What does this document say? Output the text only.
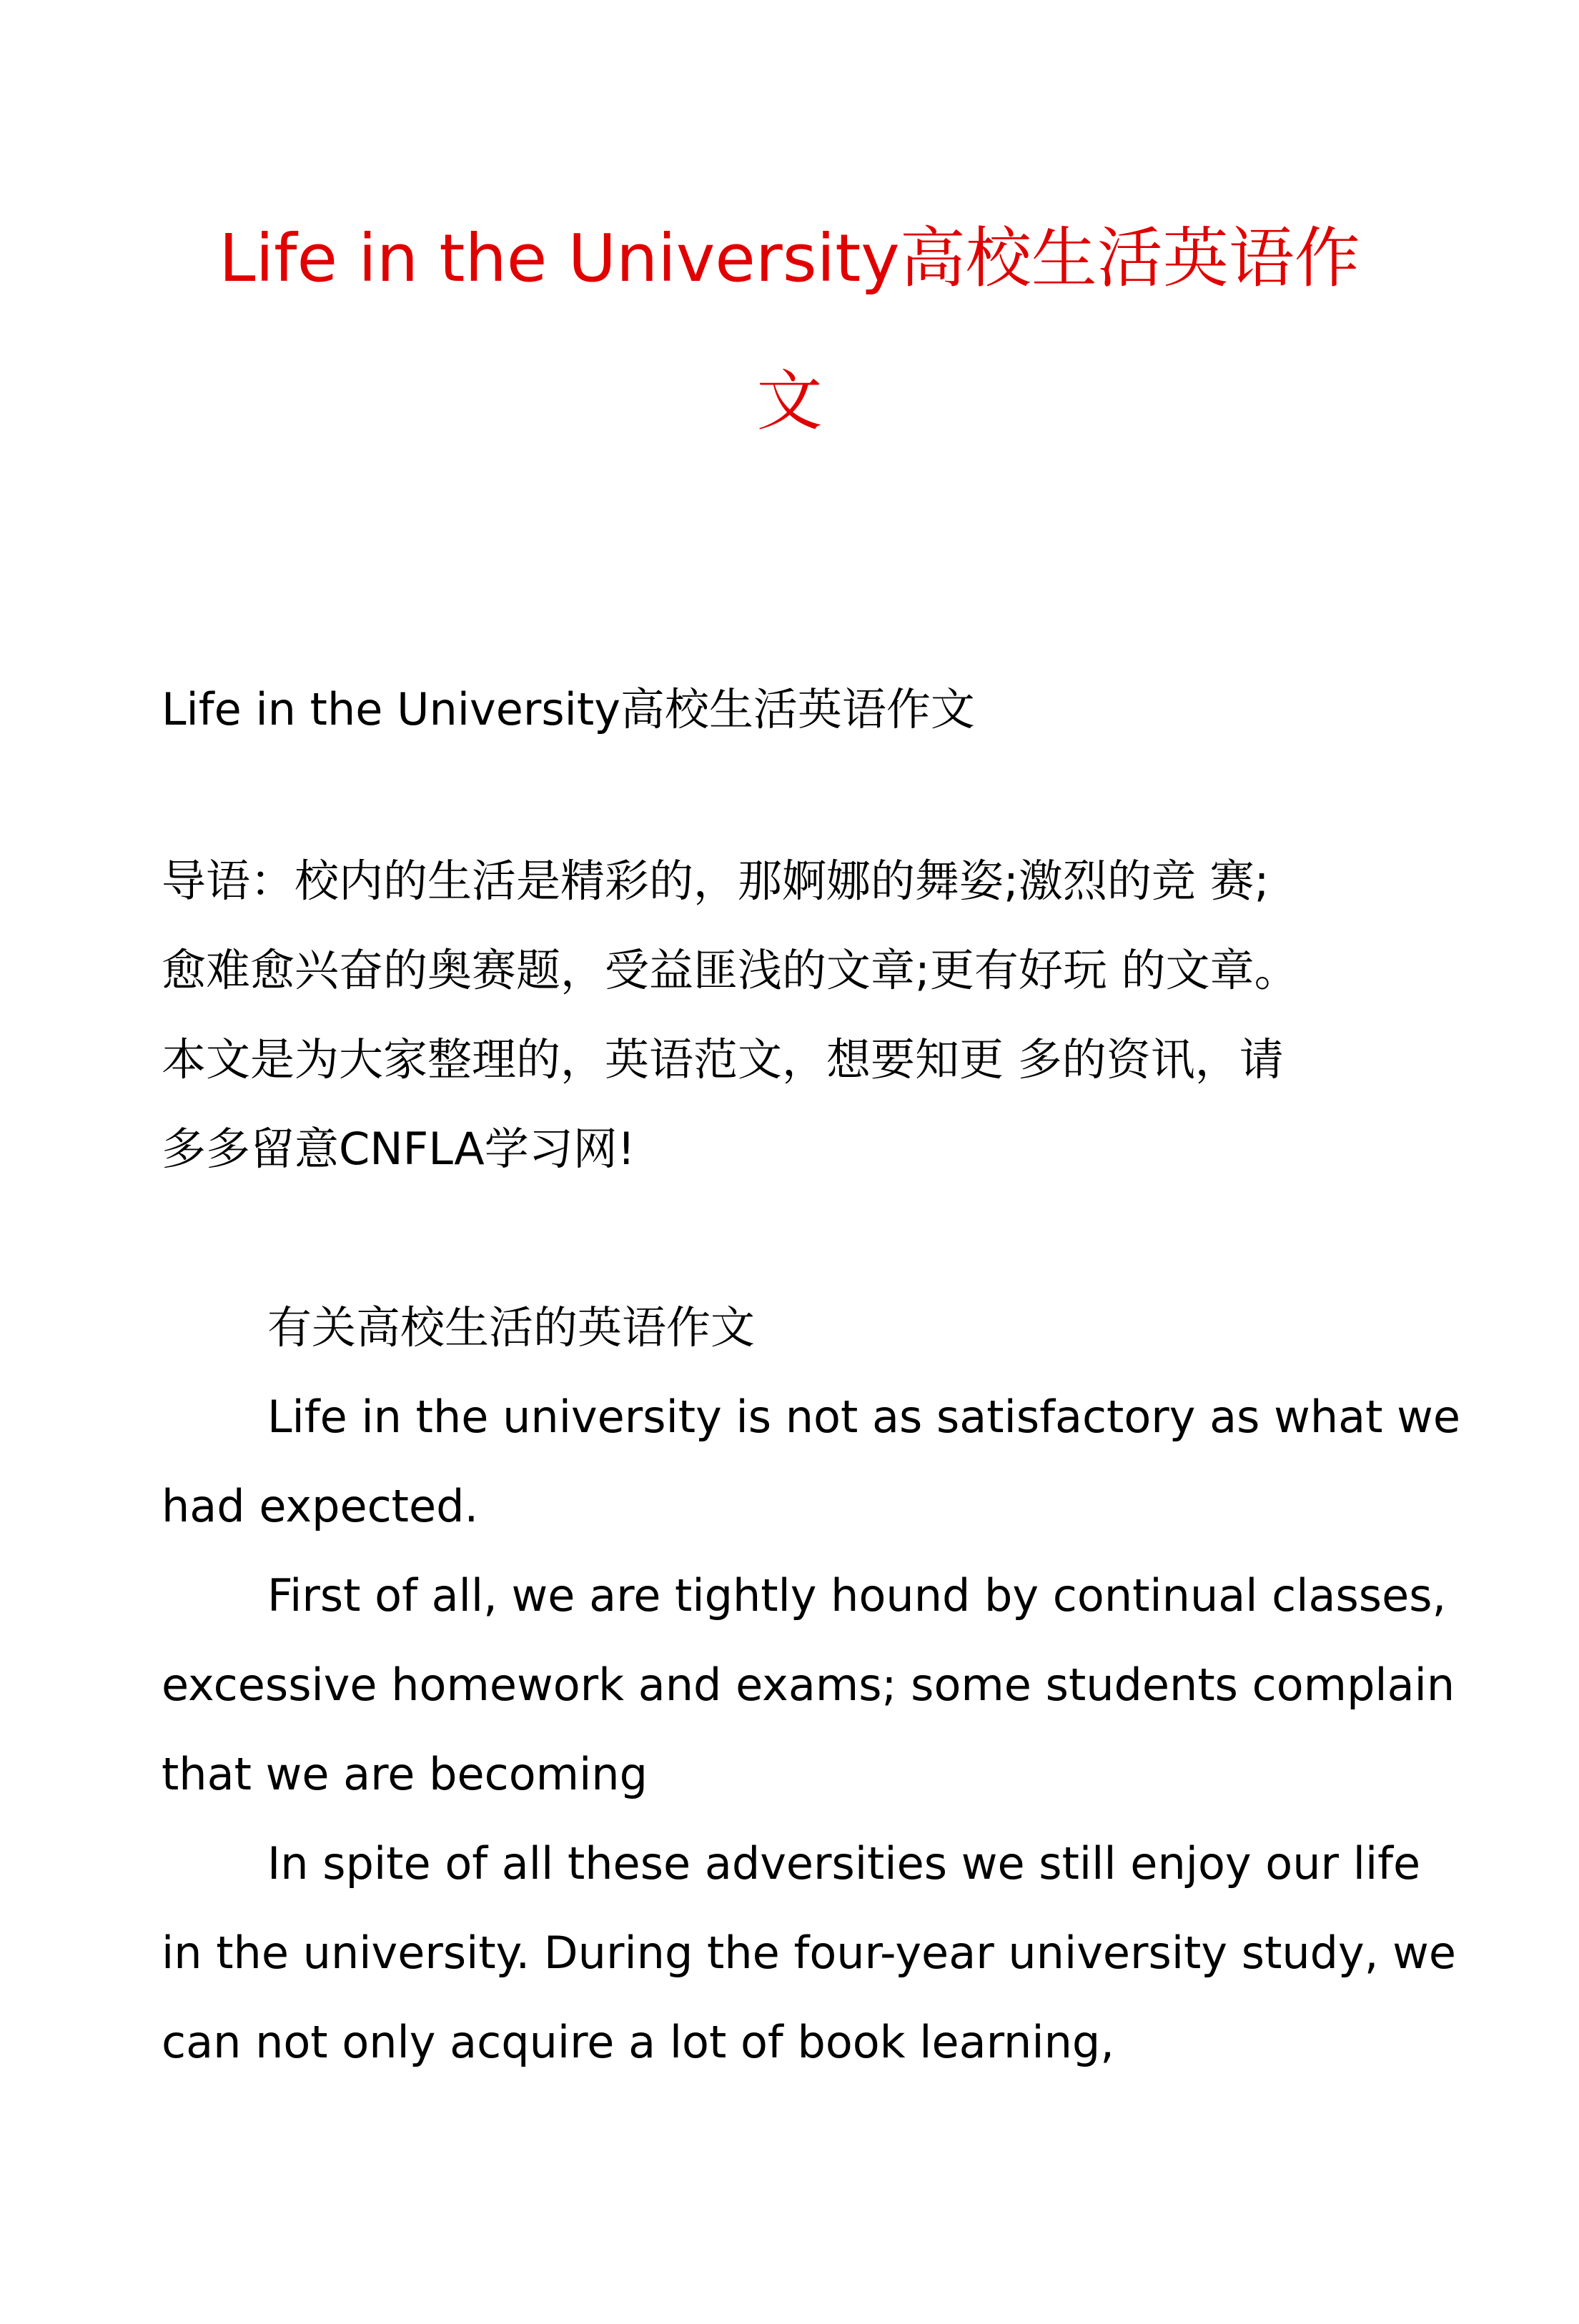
Life in the University高校生活英语作
文

Life in the University高校生活英语作文

导语：校内的生活是精彩的，那婀娜的舞姿;激烈的竞 赛;
愈难愈兴奋的奥赛题，受益匪浅的文章;更有好玩 的文章。
本文是为大家整理的，英语范文，想要知更 多的资讯，请
多多留意CNFLA学习网!

有关高校生活的英语作文

Life in the university is not as satisfactory as what we
had expected.
First of all, we are tightly hound by continual classes,
excessive homework and exams; some students complain
that we are becoming
In spite of all these adversities we still enjoy our life
in the university. During the four-year university study, we
can not only acquire a lot of book learning,
